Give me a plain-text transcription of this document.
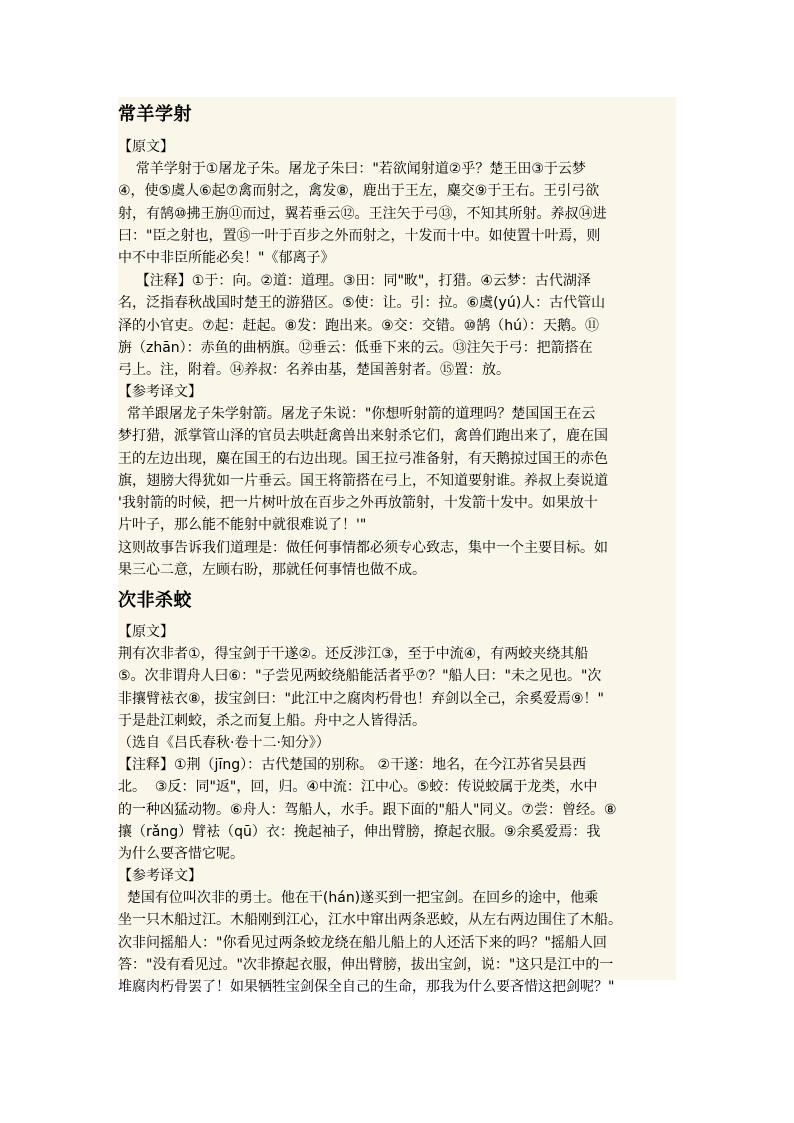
常羊学射
【原文】
常羊学射于①屠龙子朱。屠龙子朱曰："若欲闻射道②乎？楚王田③于云梦
④，使⑤虞人⑥起⑦禽而射之，禽发⑧，鹿出于王左，麋交⑨于王右。王引弓欲
射，有鹄⑩拂王旃⑪而过，翼若垂云⑫。王注矢于弓⑬，不知其所射。养叔⑭进
曰："臣之射也，置⑮一叶于百步之外而射之，十发而十中。如使置十叶焉，则
中不中非臣所能必矣！"《郁离子》
【注释】①于：向。②道：道理。③田：同"畋"，打猎。④云梦：古代湖泽
名，泛指春秋战国时楚王的游猎区。⑤使：让。引：拉。⑥虞(yú)人：古代管山
泽的小官吏。⑦起：赶起。⑧发：跑出来。⑨交：交错。⑩鹄（hú）：天鹅。⑪
旃（zhān）：赤鱼的曲柄旗。⑫垂云：低垂下来的云。⑬注矢于弓：把箭搭在
弓上。注，附着。⑭养叔：名养由基，楚国善射者。⑮置：放。
【参考译文】
常羊跟屠龙子朱学射箭。屠龙子朱说："你想听射箭的道理吗？楚国国王在云
梦打猎，派掌管山泽的官员去哄赶禽兽出来射杀它们，禽兽们跑出来了，鹿在国
王的左边出现，麋在国王的右边出现。国王拉弓准备射，有天鹅掠过国王的赤色
旗，翅膀大得犹如一片垂云。国王将箭搭在弓上，不知道要射谁。养叔上奏说道
'我射箭的时候，把一片树叶放在百步之外再放箭射，十发箭十发中。如果放十
片叶子，那么能不能射中就很难说了！'"
这则故事告诉我们道理是：做任何事情都必须专心致志，集中一个主要目标。如
果三心二意，左顾右盼，那就任何事情也做不成。
次非杀蛟
【原文】
荆有次非者①，得宝剑于干遂②。还反涉江③，至于中流④，有两蛟夹绕其船
⑤。次非谓舟人曰⑥："子尝见两蛟绕船能活者乎⑦？"船人曰："未之见也。"次
非攘臂袪衣⑧，拔宝剑曰："此江中之腐肉朽骨也！弃剑以全己，余奚爱焉⑨！"
于是赴江刺蛟，杀之而复上船。舟中之人皆得活。
（选自《吕氏春秋·卷十二·知分》）
【注释】①荆（jīng）：古代楚国的别称。 ②干遂：地名，在今江苏省吴县西
北。  ③反：同"返"，回，归。④中流：江中心。⑤蛟：传说蛟属于龙类，水中
的一种凶猛动物。⑥舟人：驾船人，水手。跟下面的"船人"同义。⑦尝：曾经。⑧
攘（rǎng）臂袪（qū）衣：挽起袖子，伸出臂膀，撩起衣服。⑨余奚爱焉：我
为什么要吝惜它呢。
【参考译文】
楚国有位叫次非的勇士。他在干(hán)遂买到一把宝剑。在回乡的途中，他乘
坐一只木船过江。木船刚到江心，江水中窜出两条恶蛟，从左右两边围住了木船。
次非问摇船人："你看见过两条蛟龙绕在船儿船上的人还活下来的吗？"摇船人回
答："没有看见过。"次非撩起衣服，伸出臂膀，拔出宝剑，说："这只是江中的一
堆腐肉朽骨罢了！如果牺牲宝剑保全自己的生命，那我为什么要吝惜这把剑呢？"
